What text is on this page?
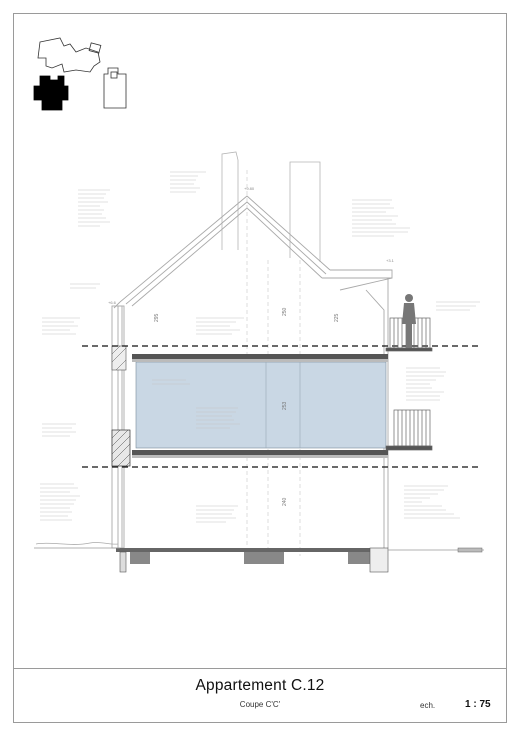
295
250
225
253
240
+9.80
+6.6
+3.1
Appartement C.12
Coupe C'C'	ech.	1 : 75
